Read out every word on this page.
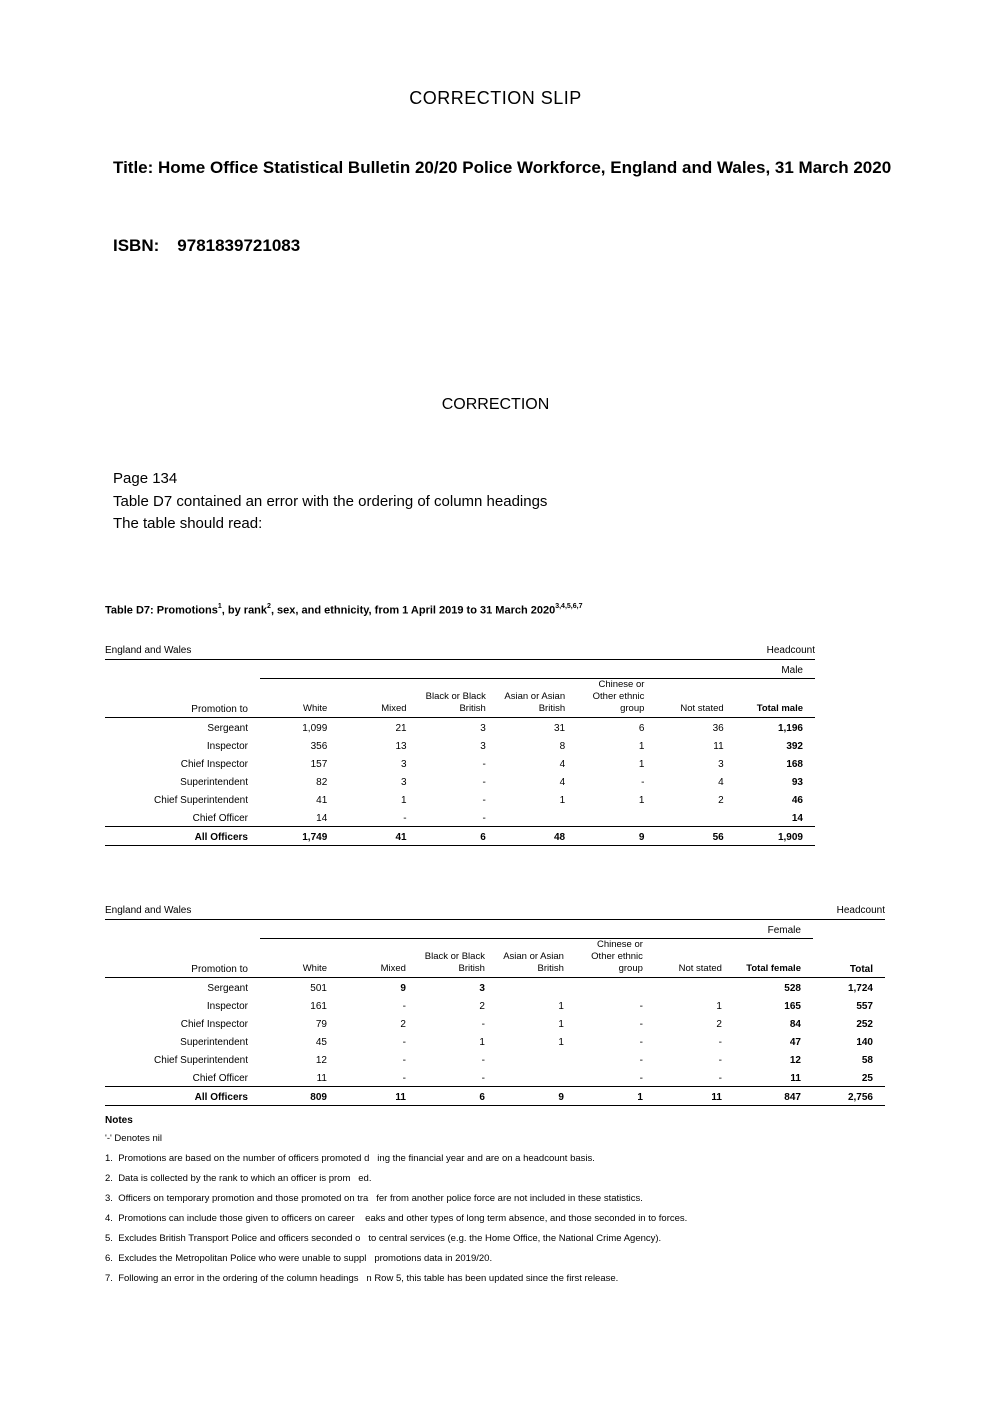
CORRECTION SLIP
Title: Home Office Statistical Bulletin 20/20 Police Workforce, England and Wales, 31 March 2020
ISBN: 9781839721083
CORRECTION
Page 134
Table D7 contained an error with the ordering of column headings
The table should read:
Table D7: Promotions$^1$, by rank$^2$, sex, and ethnicity, from 1 April 2019 to 31 March 2020$^{3,4,5,6,7}$
England and Wales Headcount							

	Male						
Promotion to	White	Mixed	Black or Black British	Asian or Asian British	Chinese or Other ethnic group	Not stated	Total male
Sergeant	1,099	21	3	31	6	36	1,196
Inspector	356	13	3	8	1	11	392
Chief Inspector	157	3	-	4	1	3	168
Superintendent	82	3	-	4	-	4	93
Chief Superintendent	41	1	-	1	1	2	46
Chief Officer	14	-	-				14
All Officers	1,749	41	6	48	9	56	1,909
England and Wales Headcount								

	Female							Total
Promotion to	White	Mixed	Black or Black British	Asian or Asian British	Chinese or Other ethnic group	Not stated	Total female	
Sergeant	501	9	3				528	1,724
Inspector	161	-	2	1	-	1	165	557
Chief Inspector	79	2	-	1	-	2	84	252
Superintendent	45	-	1	1	-	-	47	140
Chief Superintendent	12	-	-		-	-	12	58
Chief Officer	11	-	-		-	-	11	25
All Officers	809	11	6	9	1	11	847	2,756
Notes
'-' Denotes nil
1.  Promotions are based on the number of officers promoted d   ing the financial year and are on a headcount basis.
2.  Data is collected by the rank to which an officer is prom   ed.
3.  Officers on temporary promotion and those promoted on tra   fer from another police force are not included in these statistics.
4.  Promotions can include those given to officers on career    eaks and other types of long term absence, and those seconded in to forces.
5.  Excludes British Transport Police and officers seconded o   to central services (e.g. the Home Office, the National Crime Agency).
6.  Excludes the Metropolitan Police who were unable to suppl   promotions data in 2019/20.
7.  Following an error in the ordering of the column headings   n Row 5, this table has been updated since the first release.
